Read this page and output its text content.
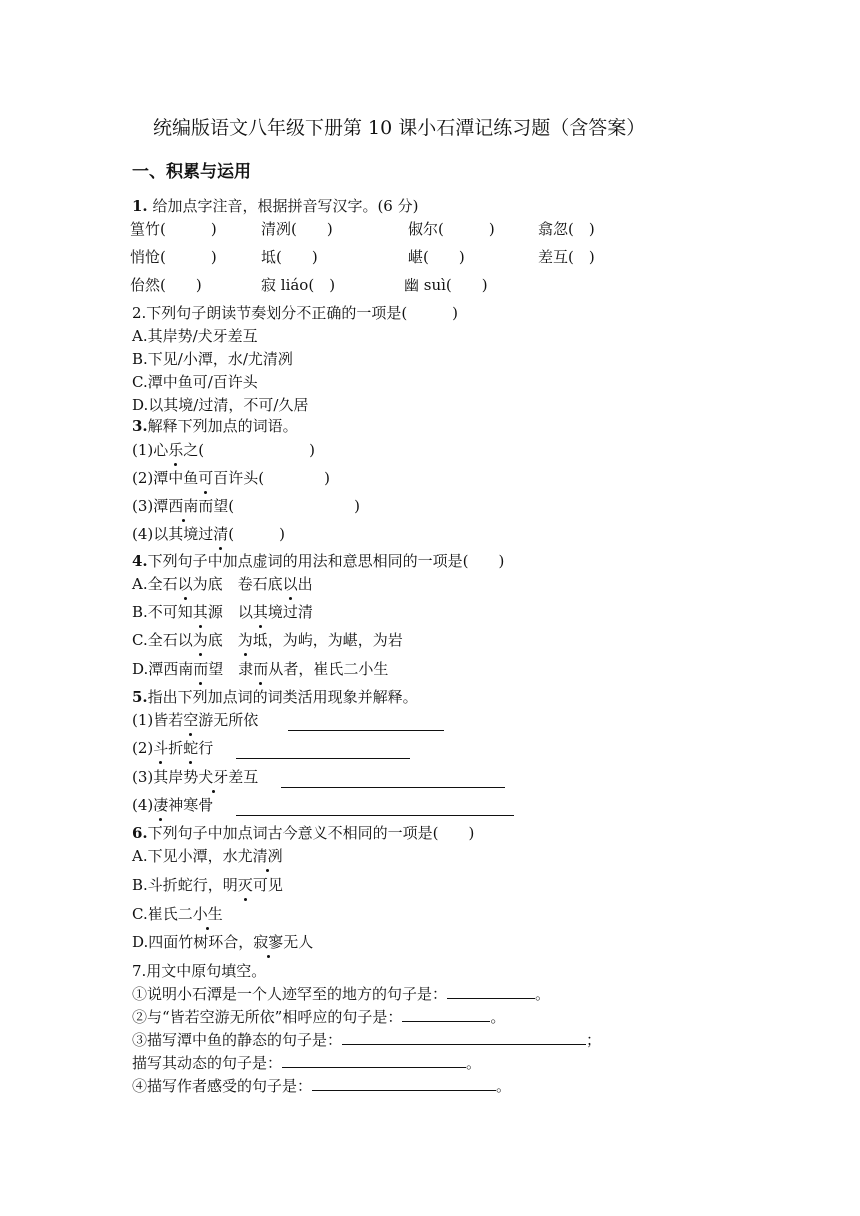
统编版语文八年级下册第 10 课小石潭记练习题（含答案）
一、积累与运用
1. 给加点字注音，根据拼音写汉字。(6 分)
篁竹(　　　)	清冽(　　)	俶尔(　　　)	翕忽(　)
悄怆(　　　)	坻(　　)	嵁(　　)	差互(　)
佁然(　　)	寂 liáo(　)	幽 suì(　　)
2.下列句子朗读节奏划分不正确的一项是(　　　)
A.其岸势/犬牙差互
B.下见/小潭，水/尤清冽
C.潭中鱼可/百许头
D.以其境/过清，不可/久居
3.解释下列加点的词语。
(1)心乐之(　　　　　　　)
(2)潭中鱼可百许头(　　　　)
(3)潭西南而望(　　　　　　　　)
(4)以其境过清(　　　)
4.下列句子中加点虚词的用法和意思相同的一项是(　　)
A.全石以为底　卷石底以出
B.不可知其源　以其境过清
C.全石以为底　为坻，为屿，为嵁，为岩
D.潭西南而望　隶而从者，崔氏二小生
5.指出下列加点词的词类活用现象并解释。
(1)皆若空游无所依
(2)斗折蛇行
(3)其岸势犬牙差互
(4)凄神寒骨
6.下列句子中加点词古今意义不相同的一项是(　　)
A.下见小潭，水尤清冽
B.斗折蛇行，明灭可见
C.崔氏二小生
D.四面竹树环合，寂寥无人
7.用文中原句填空。
①说明小石潭是一个人迹罕至的地方的句子是：	。
②与“皆若空游无所依”相呼应的句子是：	。
③描写潭中鱼的静态的句子是：	；
描写其动态的句子是：	。
④描写作者感受的句子是：	。
